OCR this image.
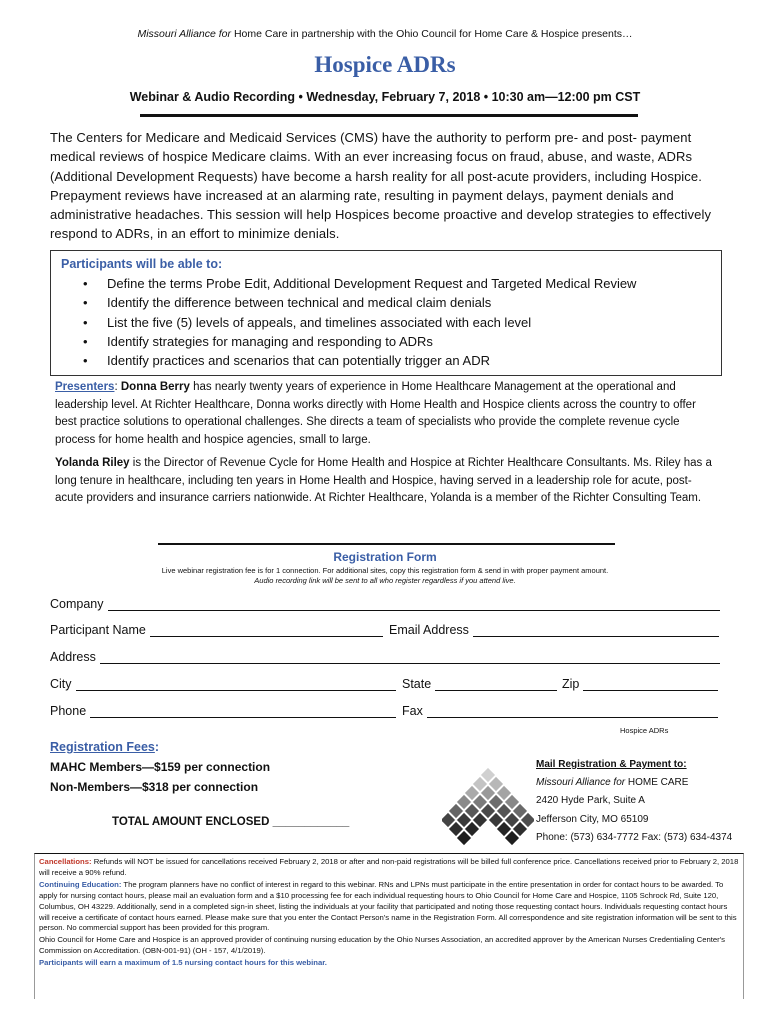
Missouri Alliance for Home Care in partnership with the Ohio Council for Home Care & Hospice presents…
Hospice ADRs
Webinar & Audio Recording • Wednesday, February 7, 2018 • 10:30 am—12:00 pm CST
The Centers for Medicare and Medicaid Services (CMS) have the authority to perform pre- and post- payment medical reviews of hospice Medicare claims. With an ever increasing focus on fraud, abuse, and waste, ADRs (Additional Development Requests) have become a harsh reality for all post-acute providers, including Hospice. Prepayment reviews have increased at an alarming rate, resulting in payment delays, payment denials and administrative headaches. This session will help Hospices become proactive and develop strategies to effectively respond to ADRs, in an effort to minimize denials.
Participants will be able to:
• Define the terms Probe Edit, Additional Development Request and Targeted Medical Review
• Identify the difference between technical and medical claim denials
• List the five (5) levels of appeals, and timelines associated with each level
• Identify strategies for managing and responding to ADRs
• Identify practices and scenarios that can potentially trigger an ADR

Presenters: Donna Berry has nearly twenty years of experience in Home Healthcare Management at the operational and leadership level. At Richter Healthcare, Donna works directly with Home Health and Hospice clients across the country to offer best practice solutions to operational challenges. She directs a team of specialists who provide the complete revenue cycle process for home health and hospice agencies, small to large.

Yolanda Riley is the Director of Revenue Cycle for Home Health and Hospice at Richter Healthcare Consultants. Ms. Riley has a long tenure in healthcare, including ten years in Home Health and Hospice, having served in a leadership role for acute, post-acute providers and insurance carriers nationwide. At Richter Healthcare, Yolanda is a member of the Richter Consulting Team.

Registration Form
Live webinar registration fee is for 1 connection. For additional sites, copy this registration form & send in with proper payment amount.
Audio recording link will be sent to all who register regardless if you attend live.
Company
Participant Name	Email Address
Address
City	State	Zip
Phone	Fax
Hospice ADRs
Registration Fees:
MAHC Members—$159 per connection
Non-Members—$318 per connection
TOTAL AMOUNT ENCLOSED ____________
Mail Registration & Payment to:
Missouri Alliance for HOME CARE
2420 Hyde Park, Suite A
Jefferson City, MO 65109
Phone: (573) 634-7772 Fax: (573) 634-4374

Cancellations: Refunds will NOT be issued for cancellations received February 2, 2018 or after and non-paid registrations will be billed full conference price. Cancellations received prior to February 2, 2018 will receive a 90% refund.

Continuing Education: The program planners have no conflict of interest in regard to this webinar. RNs and LPNs must participate in the entire presentation in order for contact hours to be awarded. To apply for nursing contact hours, please mail an evaluation form and a $10 processing fee for each individual requesting hours to Ohio Council for Home Care and Hospice, 1105 Schrock Rd, Suite 120, Columbus, OH 43229. Additionally, send in a completed sign-in sheet, listing the individuals at your facility that participated and noting those requesting contact hours. Individuals requesting contact hours will receive a certificate of contact hours earned. Please make sure that you enter the Contact Person's name in the Registration Form. All correspondence and site registration information will be sent to this person. No commercial support has been provided for this program.

Ohio Council for Home Care and Hospice is an approved provider of continuing nursing education by the Ohio Nurses Association, an accredited approver by the American Nurses Credentialing Center's Commission on Accreditation. (OBN-001-91) (OH - 157, 4/1/2019).

Participants will earn a maximum of 1.5 nursing contact hours for this webinar.
